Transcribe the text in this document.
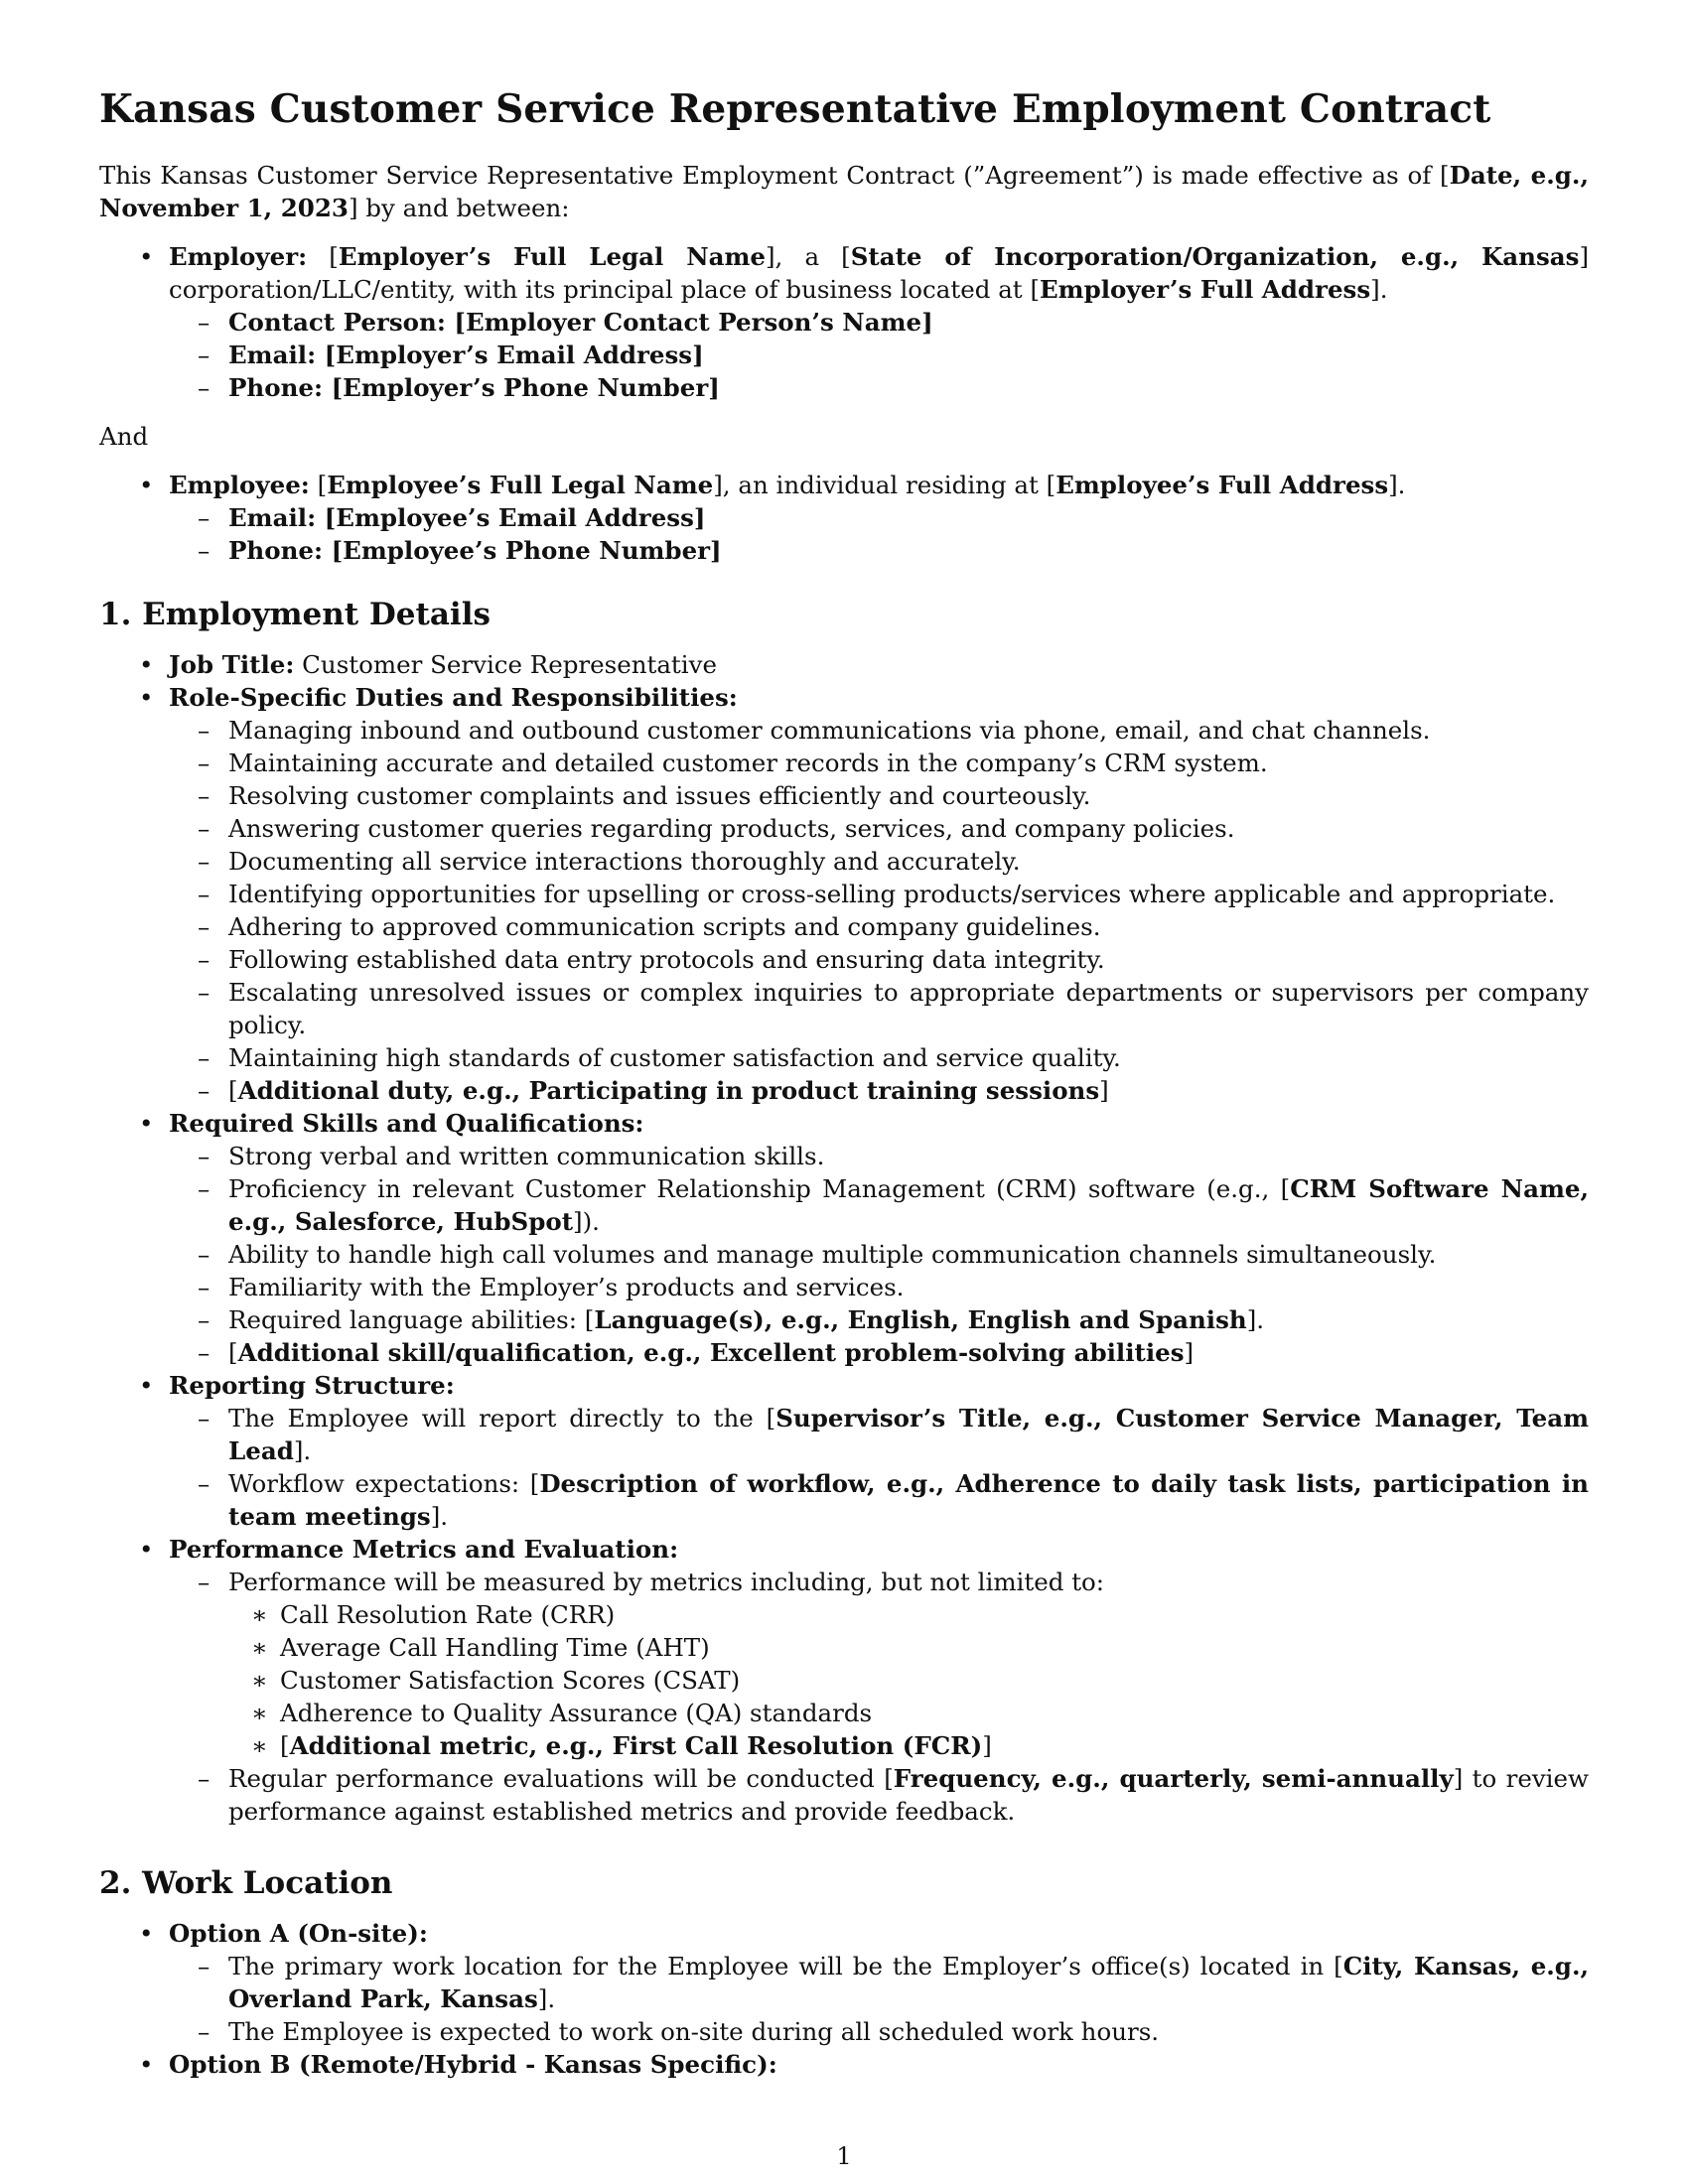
Kansas Customer Service Representative Employment Contract

This Kansas Customer Service Representative Employment Contract (”Agreement”) is made effective as of [Date, e.g., November 1, 2023] by and between:

• Employer: [Employer’s Full Legal Name], a [State of Incorporation/Organization, e.g., Kansas] corporation/LLC/entity, with its principal place of business located at [Employer’s Full Address].
– Contact Person: [Employer Contact Person’s Name]
– Email: [Employer’s Email Address]
– Phone: [Employer’s Phone Number]

And

• Employee: [Employee’s Full Legal Name], an individual residing at [Employee’s Full Address].
– Email: [Employee’s Email Address]
– Phone: [Employee’s Phone Number]
1. Employment Details
• Job Title: Customer Service Representative
• Role-Specific Duties and Responsibilities:
– Managing inbound and outbound customer communications via phone, email, and chat channels.
– Maintaining accurate and detailed customer records in the company’s CRM system.
– Resolving customer complaints and issues efficiently and courteously.
– Answering customer queries regarding products, services, and company policies.
– Documenting all service interactions thoroughly and accurately.
– Identifying opportunities for upselling or cross-selling products/services where applicable and appropriate.
– Adhering to approved communication scripts and company guidelines.
– Following established data entry protocols and ensuring data integrity.
– Escalating unresolved issues or complex inquiries to appropriate departments or supervisors per company policy.
– Maintaining high standards of customer satisfaction and service quality.
– [Additional duty, e.g., Participating in product training sessions]
• Required Skills and Qualifications:
– Strong verbal and written communication skills.
– Proficiency in relevant Customer Relationship Management (CRM) software (e.g., [CRM Software Name, e.g., Salesforce, HubSpot]).
– Ability to handle high call volumes and manage multiple communication channels simultaneously.
– Familiarity with the Employer’s products and services.
– Required language abilities: [Language(s), e.g., English, English and Spanish].
– [Additional skill/qualification, e.g., Excellent problem-solving abilities]
• Reporting Structure:
– The Employee will report directly to the [Supervisor’s Title, e.g., Customer Service Manager, Team Lead].
– Workflow expectations: [Description of workflow, e.g., Adherence to daily task lists, participation in team meetings].
• Performance Metrics and Evaluation:
– Performance will be measured by metrics including, but not limited to:
∗ Call Resolution Rate (CRR)
∗ Average Call Handling Time (AHT)
∗ Customer Satisfaction Scores (CSAT)
∗ Adherence to Quality Assurance (QA) standards
∗ [Additional metric, e.g., First Call Resolution (FCR)]
– Regular performance evaluations will be conducted [Frequency, e.g., quarterly, semi-annually] to review performance against established metrics and provide feedback.
2. Work Location
• Option A (On-site):
– The primary work location for the Employee will be the Employer’s office(s) located in [City, Kansas, e.g., Overland Park, Kansas].
– The Employee is expected to work on-site during all scheduled work hours.
• Option B (Remote/Hybrid - Kansas Specific):
1
